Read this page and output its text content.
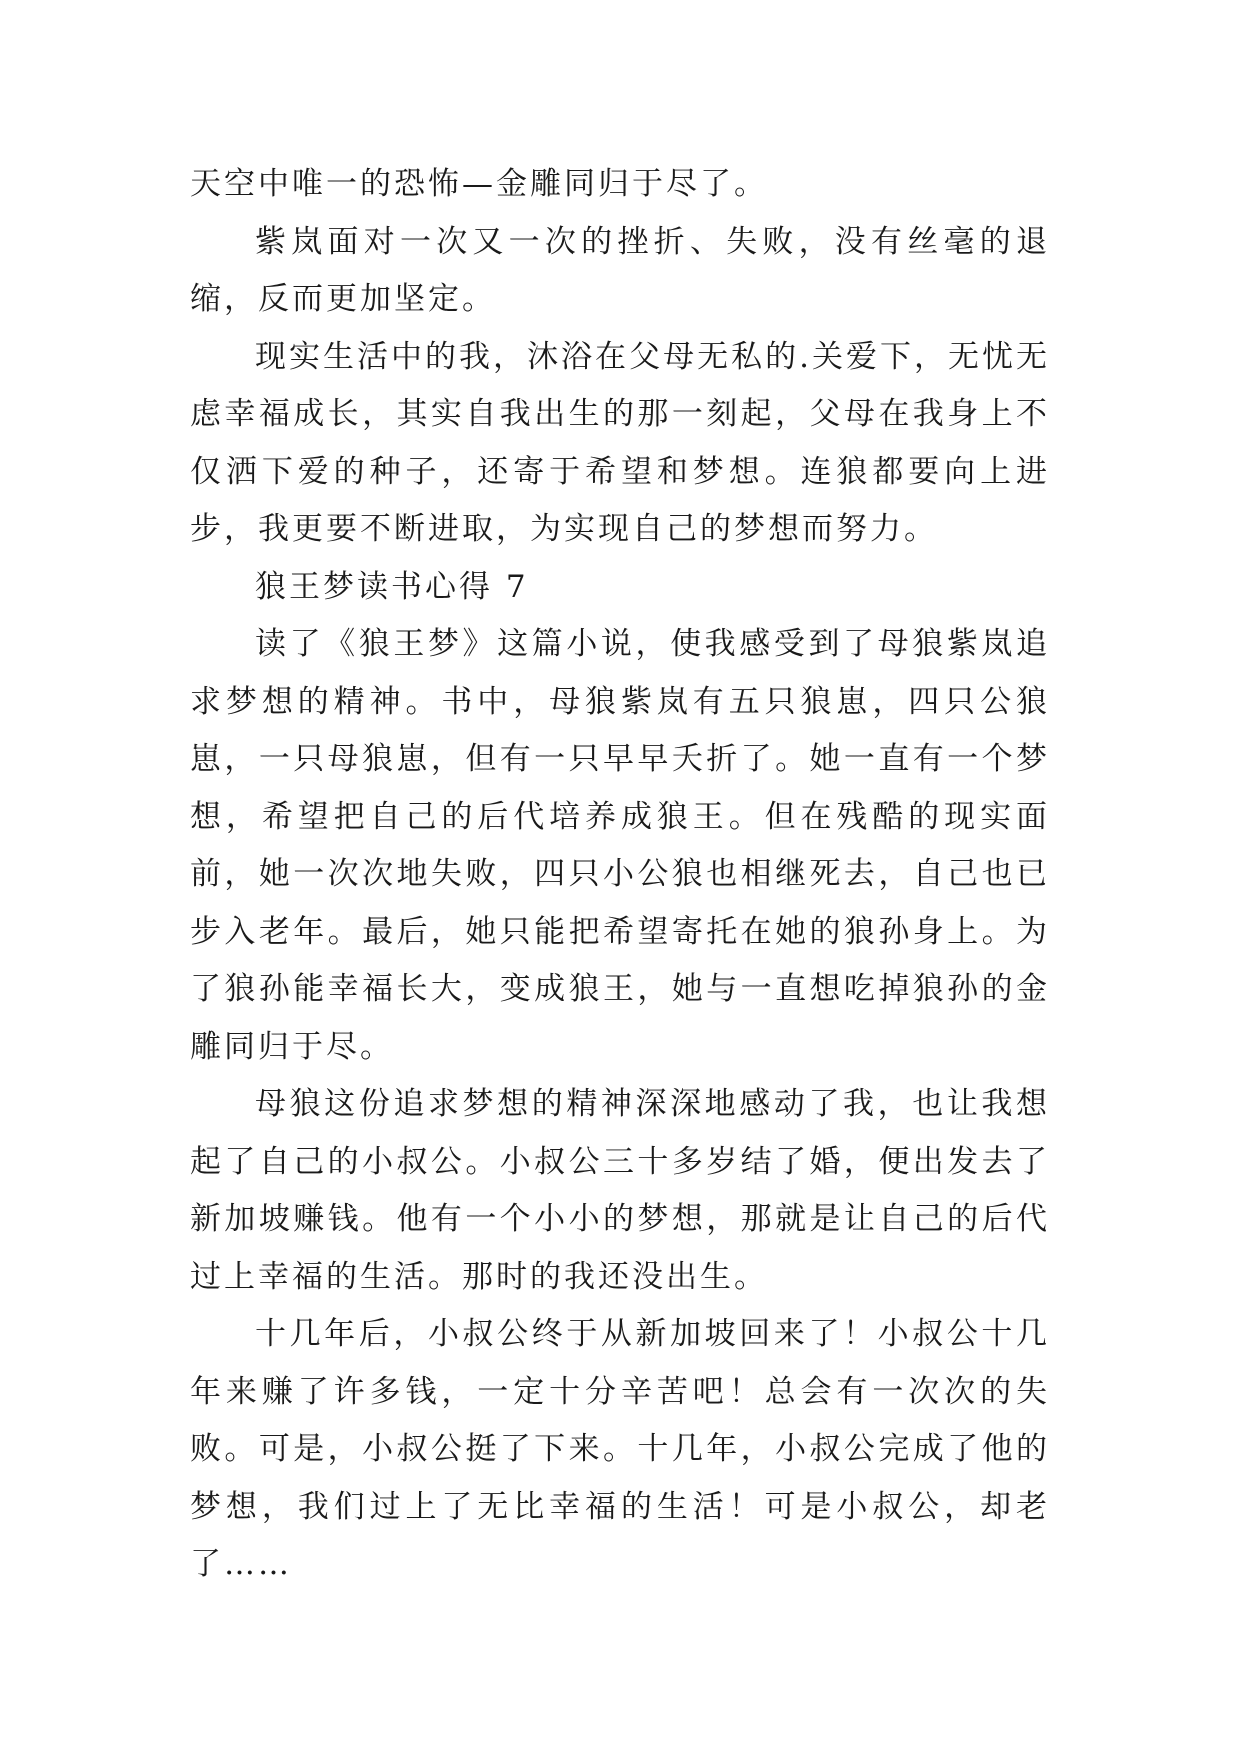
天空中唯一的恐怖—金雕同归于尽了。

紫岚面对一次又一次的挫折、失败，没有丝毫的退缩，反而更加坚定。

现实生活中的我，沐浴在父母无私的.关爱下，无忧无虑幸福成长，其实自我出生的那一刻起，父母在我身上不仅洒下爱的种子，还寄于希望和梦想。连狼都要向上进步，我更要不断进取，为实现自己的梦想而努力。

狼王梦读书心得 7

读了《狼王梦》这篇小说，使我感受到了母狼紫岚追求梦想的精神。书中，母狼紫岚有五只狼崽，四只公狼崽，一只母狼崽，但有一只早早夭折了。她一直有一个梦想，希望把自己的后代培养成狼王。但在残酷的现实面前，她一次次地失败，四只小公狼也相继死去，自己也已步入老年。最后，她只能把希望寄托在她的狼孙身上。为了狼孙能幸福长大，变成狼王，她与一直想吃掉狼孙的金雕同归于尽。

母狼这份追求梦想的精神深深地感动了我，也让我想起了自己的小叔公。小叔公三十多岁结了婚，便出发去了新加坡赚钱。他有一个小小的梦想，那就是让自己的后代过上幸福的生活。那时的我还没出生。

十几年后，小叔公终于从新加坡回来了！小叔公十几年来赚了许多钱，一定十分辛苦吧！总会有一次次的失败。可是，小叔公挺了下来。十几年，小叔公完成了他的梦想，我们过上了无比幸福的生活！可是小叔公，却老

了……
